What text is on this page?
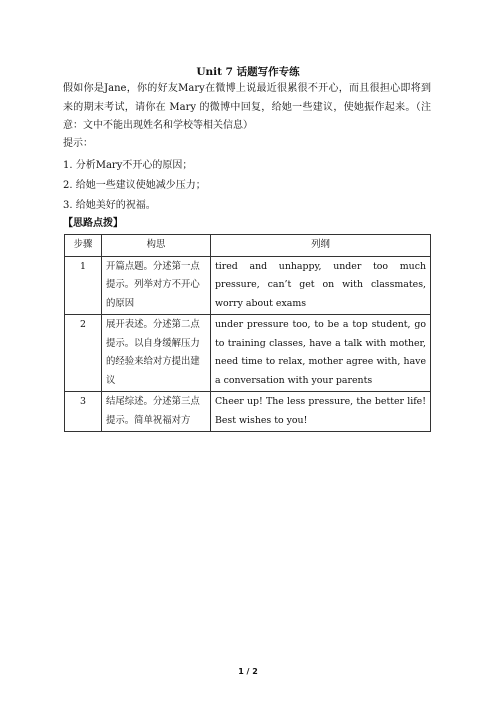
Unit 7 话题写作专练
假如你是Jane，你的好友Mary在微博上说最近很累很不开心，而且很担心即将到来的期末考试，请你在 Mary 的微博中回复，给她一些建议，使她振作起来。（注意：文中不能出现姓名和学校等相关信息）
提示：
1. 分析Mary不开心的原因；
2. 给她一些建议使她减少压力；
3. 给她美好的祝福。
【思路点拨】
步骤	构思	列纲
1	开篇点题。分述第一点提示。列举对方不开心的原因	tired and unhappy, under too much pressure, can’t get on with classmates, worry about exams
2	展开表述。分述第二点提示。以自身缓解压力的经验来给对方提出建议	under pressure too, to be a top student, go to training classes, have a talk with mother, need time to relax, mother agree with, have a conversation with your parents
3	结尾综述。分述第三点提示。简单祝福对方	Cheer up! The less pressure, the better life! Best wishes to you!
1 / 2
